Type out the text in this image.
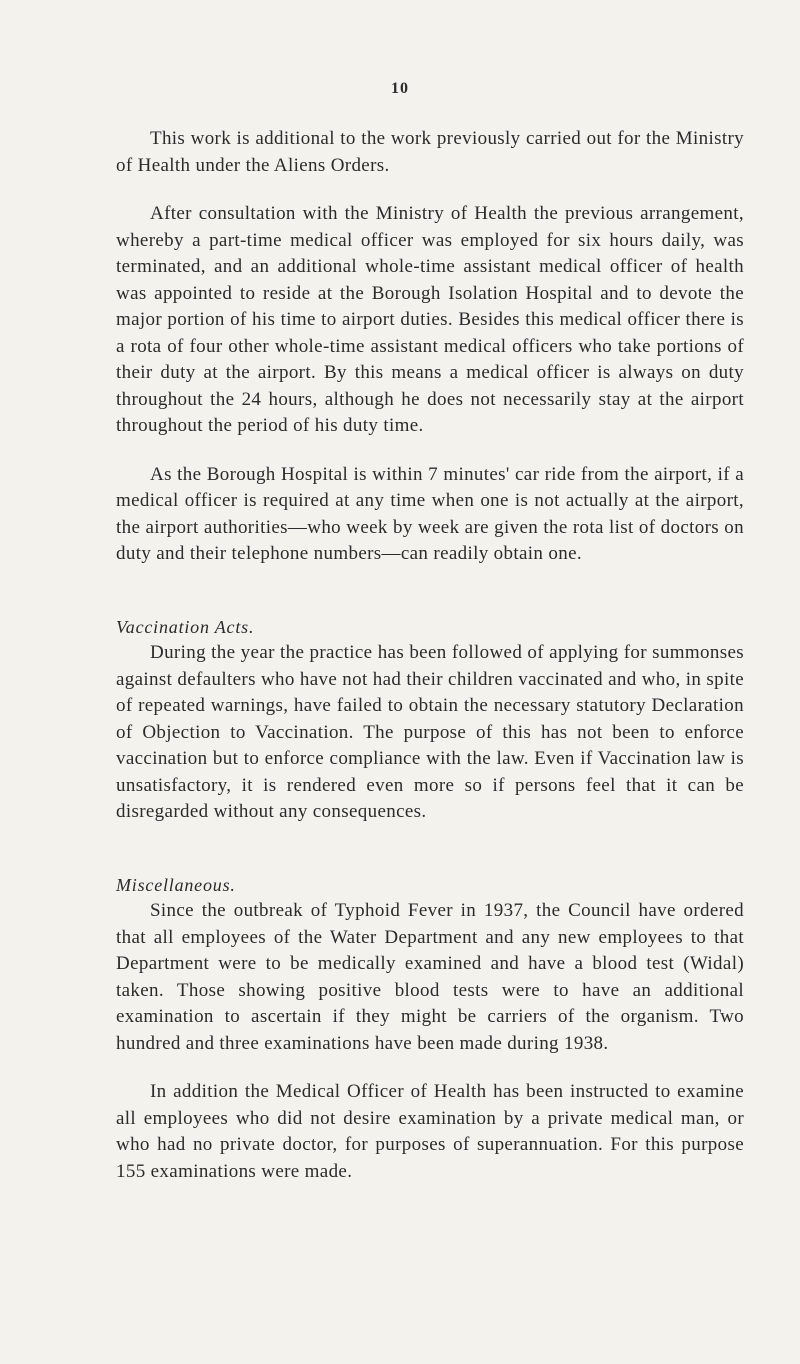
10

This work is additional to the work previously carried out for the Ministry of Health under the Aliens Orders.

After consultation with the Ministry of Health the previous arrangement, whereby a part-time medical officer was employed for six hours daily, was terminated, and an additional whole-time assistant medical officer of health was appointed to reside at the Borough Isolation Hospital and to devote the major portion of his time to airport duties. Besides this medical officer there is a rota of four other whole-time assistant medical officers who take portions of their duty at the airport. By this means a medical officer is always on duty throughout the 24 hours, although he does not necessarily stay at the airport throughout the period of his duty time.

As the Borough Hospital is within 7 minutes' car ride from the airport, if a medical officer is required at any time when one is not actually at the airport, the airport authorities—who week by week are given the rota list of doctors on duty and their telephone numbers—can readily obtain one.

Vaccination Acts.

During the year the practice has been followed of applying for summonses against defaulters who have not had their children vaccinated and who, in spite of repeated warnings, have failed to obtain the necessary statutory Declaration of Objection to Vaccination. The purpose of this has not been to enforce vaccination but to enforce compliance with the law. Even if Vaccination law is unsatisfactory, it is rendered even more so if persons feel that it can be disregarded without any consequences.

Miscellaneous.

Since the outbreak of Typhoid Fever in 1937, the Council have ordered that all employees of the Water Department and any new employees to that Department were to be medically examined and have a blood test (Widal) taken. Those showing positive blood tests were to have an additional examination to ascertain if they might be carriers of the organism. Two hundred and three examinations have been made during 1938.

In addition the Medical Officer of Health has been instructed to examine all employees who did not desire examination by a private medical man, or who had no private doctor, for purposes of superannuation. For this purpose 155 examinations were made.
